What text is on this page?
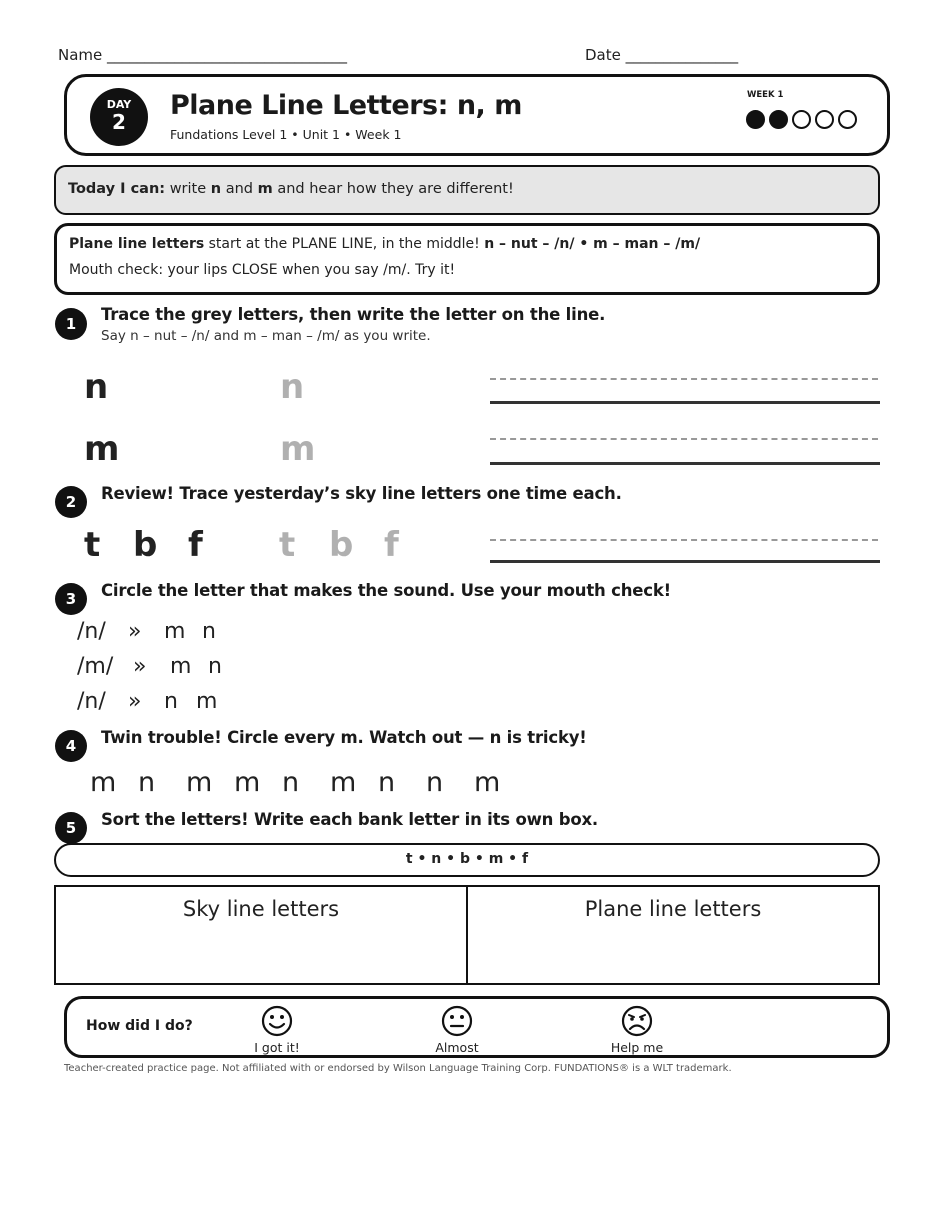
Name ________________________________	Date _______________
DAY
2
Plane Line Letters: n, m
Fundations Level 1 • Unit 1 • Week 1
WEEK 1
Today I can: write n and m and hear how they are different!
Plane line letters start at the PLANE LINE, in the middle! n – nut – /n/ • m – man – /m/
Mouth check: your lips CLOSE when you say /m/. Try it!
1	Trace the grey letters, then write the letter on the line.
Say n – nut – /n/ and m – man – /m/ as you write.
n	n
m	m
2	Review! Trace yesterday’s sky line letters one time each.
t b f t b f
3	Circle the letter that makes the sound. Use your mouth check!
/n/ » m n
/m/ » m n
/n/ » n m
4	Twin trouble! Circle every m. Watch out — n is tricky!
m n	m m n	m n	n	m
5	Sort the letters! Write each bank letter in its own box.
t • n • b • m • f
Sky line letters	Plane line letters
How did I do?
I got it!	Almost	Help me
Teacher-created practice page. Not affiliated with or endorsed by Wilson Language Training Corp. FUNDATIONS® is a WLT trademark.
